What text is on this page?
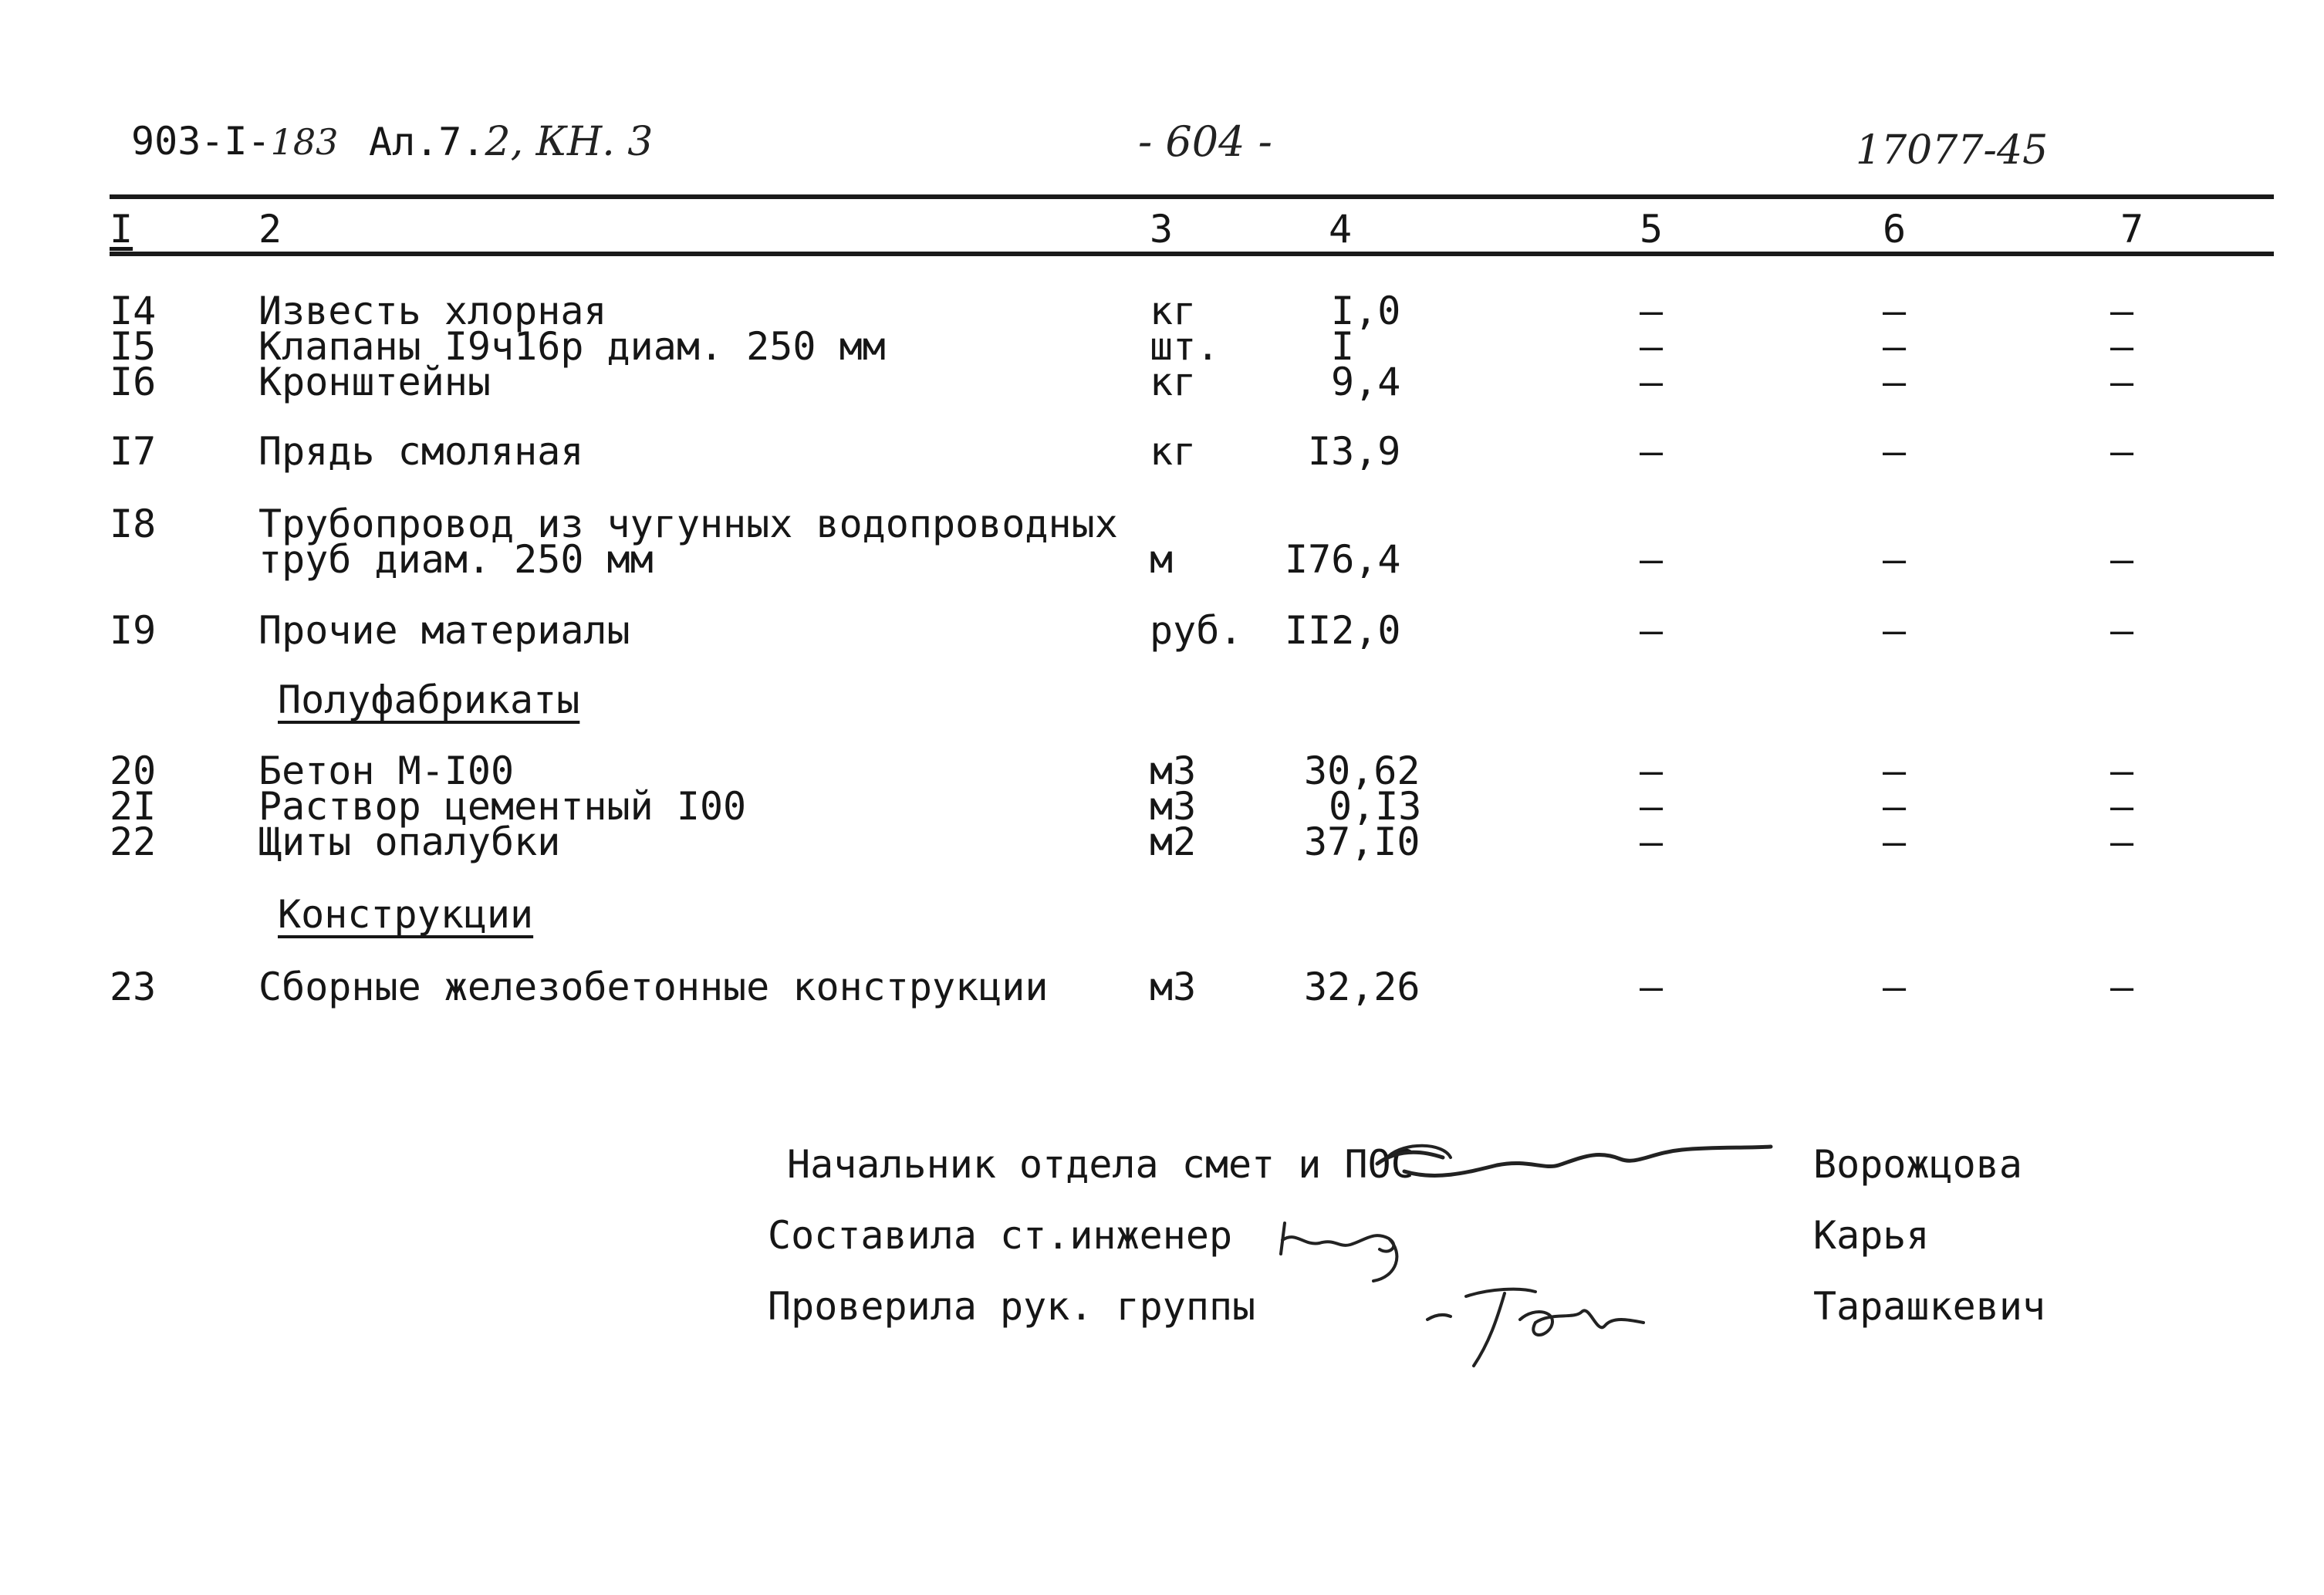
903-I-183 Ал.7.2, КН. 3	- 604 -	17077-45
I	2	3	4	5	6	7
I4	Известь хлорная	кг	I,0	–	–	–
I5	Клапаны I9ч16р диам. 250 мм	шт.	I	–	–	–
I6	Кронштейны	кг	9,4	–	–	–
I7	Прядь смоляная	кг	I3,9	–	–	–
I8	Трубопровод из чугунных водопроводных
труб диам. 250 мм	м	I76,4	–	–	–
I9	Прочие материалы	руб. II2,0	–	–	–
Полуфабрикаты
20	Бетон М-I00	м3	30,62	–	–	–
2I	Раствор цементный I00	м3	0,I3	–	–	–
22	Щиты опалубки	м2	37,I0	–	–	–
Конструкции
23	Сборные железобетонные конструкции	м3	32,26	–	–	–
Начальник отдела смет и ПОС	Ворожцова
Составила ст.инженер	Карья
Проверила рук. группы	Тарашкевич
